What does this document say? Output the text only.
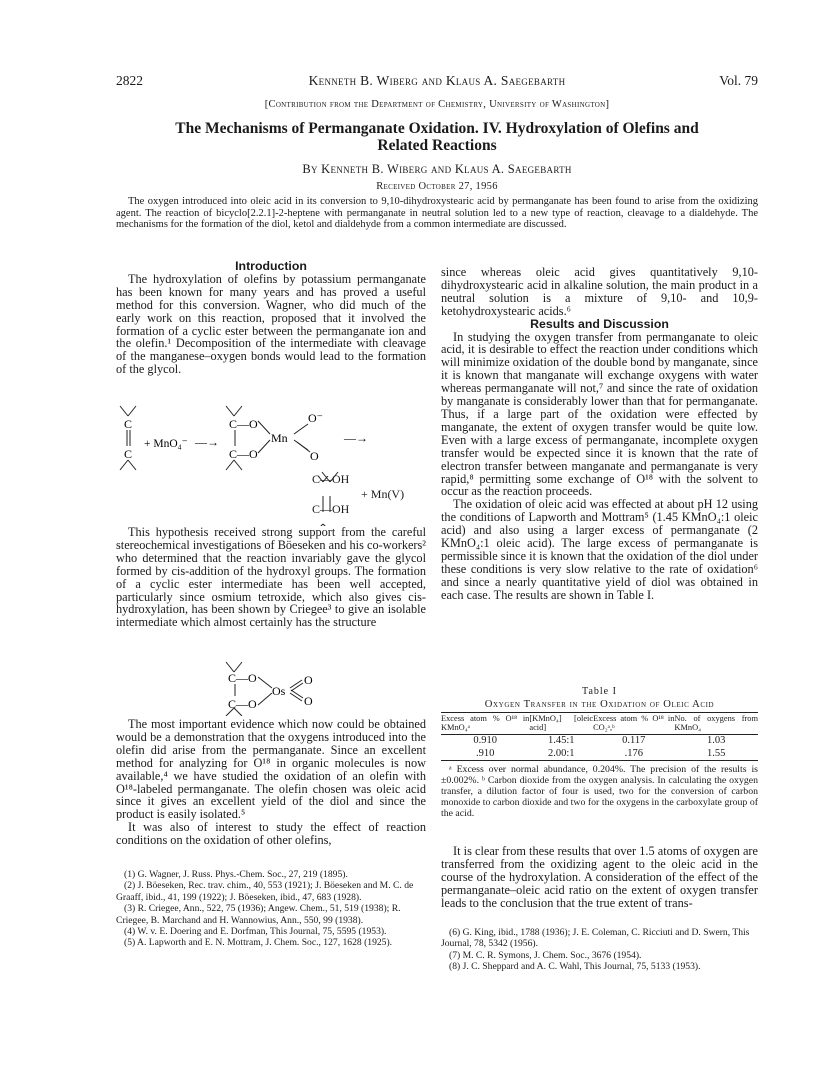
2822	Kenneth B. Wiberg and Klaus A. Saegebarth	Vol. 79
[Contribution from the Department of Chemistry, University of Washington]
The Mechanisms of Permanganate Oxidation. IV. Hydroxylation of Olefins and
Related Reactions
By Kenneth B. Wiberg and Klaus A. Saegebarth
Received October 27, 1956

The oxygen introduced into oleic acid in its conversion to 9,10-dihydroxystearic acid by permanganate has been found to arise from the oxidizing agent. The reaction of bicyclo[2.2.1]-2-heptene with permanganate in neutral solution led to a new type of reaction, cleavage to a dialdehyde. The mechanisms for the formation of the diol, ketol and dialdehyde from a common intermediate are discussed.

Introduction

The hydroxylation of olefins by potassium permanganate has been known for many years and has proved a useful method for this conversion. Wagner, who did much of the early work on this reaction, proposed that it involved the formation of a cyclic ester between the permanganate ion and the olefin.¹ Decomposition of the intermediate with cleavage of the manganese–oxygen bonds would lead to the formation of the glycol.

C
C
+ MnO₄⁻ —→
C—O
C—O
Mn
O⁻
O
—→
C—OH
C—OH
+ Mn(V)

This hypothesis received strong support from the careful stereochemical investigations of Böeseken and his co-workers² who determined that the reaction invariably gave the glycol formed by cis-addition of the hydroxyl groups. The formation of a cyclic ester intermediate has been well accepted, particularly since osmium tetroxide, which also gives cis-hydroxylation, has been shown by Criegee³ to give an isolable intermediate which almost certainly has the structure

C—O
C—O
Os
O
O

The most important evidence which now could be obtained would be a demonstration that the oxygens introduced into the olefin did arise from the permanganate. Since an excellent method for analyzing for O¹⁸ in organic molecules is now available,⁴ we have studied the oxidation of an olefin with O¹⁸-labeled permanganate. The olefin chosen was oleic acid since it gives an excellent yield of the diol and since the product is easily isolated.⁵

It was also of interest to study the effect of reaction conditions on the oxidation of other olefins,

(1) G. Wagner, J. Russ. Phys.-Chem. Soc., 27, 219 (1895).
(2) J. Böeseken, Rec. trav. chim., 40, 553 (1921); J. Böeseken and M. C. de Graaff, ibid., 41, 199 (1922); J. Böeseken, ibid., 47, 683 (1928).
(3) R. Criegee, Ann., 522, 75 (1936); Angew. Chem., 51, 519 (1938); R. Criegee, B. Marchand and H. Wannowius, Ann., 550, 99 (1938).
(4) W. v. E. Doering and E. Dorfman, This Journal, 75, 5595 (1953).
(5) A. Lapworth and E. N. Mottram, J. Chem. Soc., 127, 1628 (1925).

since whereas oleic acid gives quantitatively 9,10-dihydroxystearic acid in alkaline solution, the main product in a neutral solution is a mixture of 9,10- and 10,9-ketohydroxystearic acids.⁶

Results and Discussion

In studying the oxygen transfer from permanganate to oleic acid, it is desirable to effect the reaction under conditions which will minimize oxidation of the double bond by manganate, since it is known that manganate will exchange oxygens with water whereas permanganate will not,⁷ and since the rate of oxidation by manganate is considerably lower than that for permanganate. Thus, if a large part of the oxidation were effected by manganate, the extent of oxygen transfer would be quite low. Even with a large excess of permanganate, incomplete oxygen transfer would be expected since it is known that the rate of electron transfer between manganate and permanganate is very rapid,⁸ permitting some exchange of O¹⁸ with the solvent to occur as the reaction proceeds.

The oxidation of oleic acid was effected at about pH 12 using the conditions of Lapworth and Mottram⁵ (1.45 KMnO₄:1 oleic acid) and also using a larger excess of permanganate (2 KMnO₄:1 oleic acid). The large excess of permanganate is permissible since it is known that the oxidation of the diol under these conditions is very slow relative to the rate of oxidation⁶ and since a nearly quantitative yield of diol was obtained in each case. The results are shown in Table I.

Table I
Oxygen Transfer in the Oxidation of Oleic Acid
Excess atom % O¹⁸ in KMnO₄ᵃ	[KMnO₄] [oleic acid]	Excess atom % O¹⁸ in CO₂ᵃ,ᵇ	No. of oxygens from KMnO₄
0.910	1.45:1	0.117	1.03
.910	2.00:1	.176	1.55

ᵃ Excess over normal abundance, 0.204%. The precision of the results is ±0.002%. ᵇ Carbon dioxide from the oxygen analysis. In calculating the oxygen transfer, a dilution factor of four is used, two for the conversion of carbon monoxide to carbon dioxide and two for the oxygens in the carboxylate group of the acid.

It is clear from these results that over 1.5 atoms of oxygen are transferred from the oxidizing agent to the oleic acid in the course of the hydroxylation. A consideration of the effect of the permanganate–oleic acid ratio on the extent of oxygen transfer leads to the conclusion that the true extent of trans-

(6) G. King, ibid., 1788 (1936); J. E. Coleman, C. Ricciuti and D. Swern, This Journal, 78, 5342 (1956).
(7) M. C. R. Symons, J. Chem. Soc., 3676 (1954).
(8) J. C. Sheppard and A. C. Wahl, This Journal, 75, 5133 (1953).
